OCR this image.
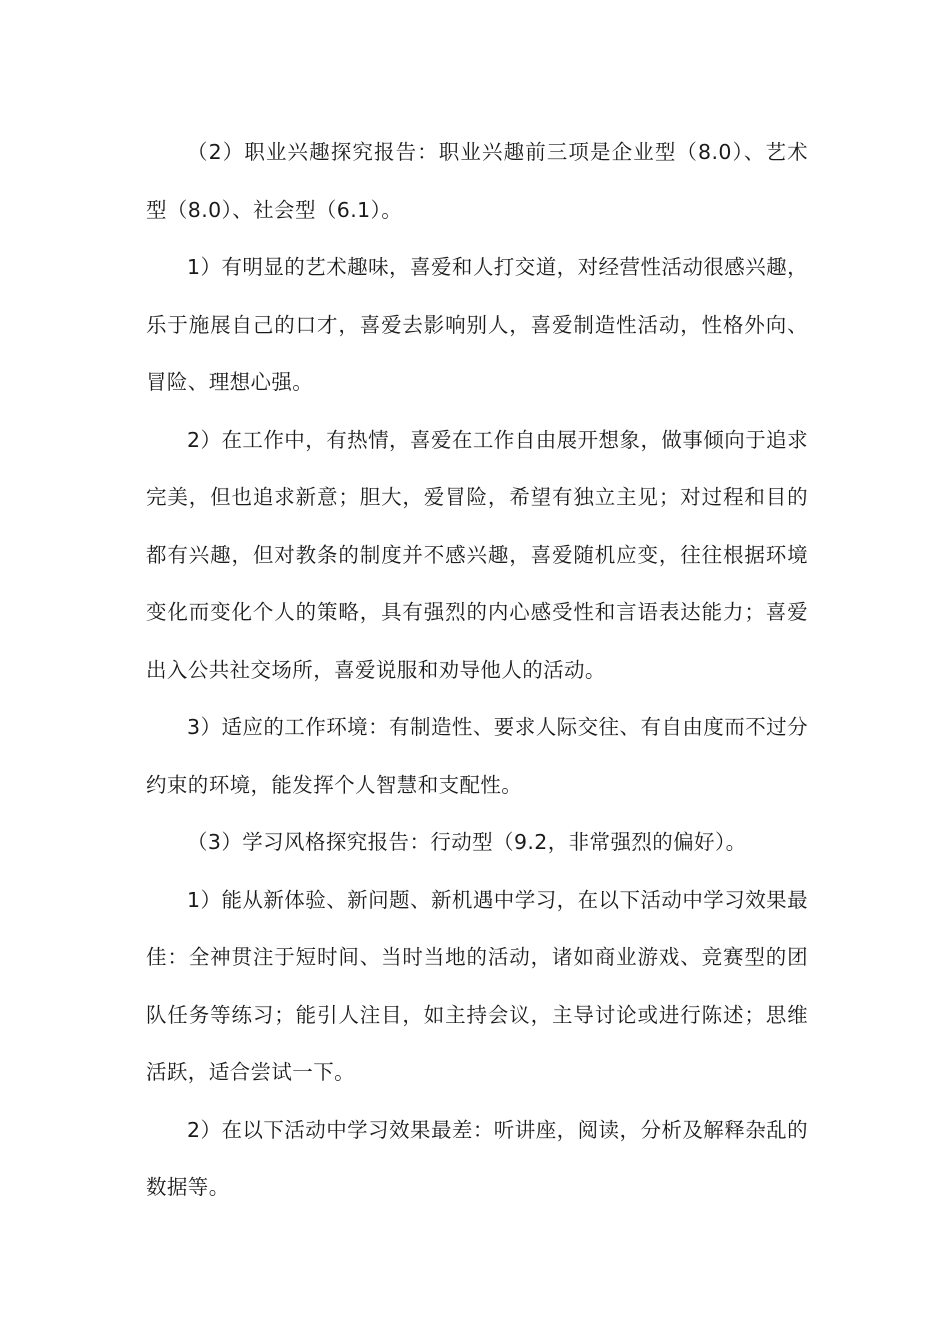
（2）职业兴趣探究报告：职业兴趣前三项是企业型（8.0）、艺术型（8.0）、社会型（6.1）。

1）有明显的艺术趣味，喜爱和人打交道，对经营性活动很感兴趣，乐于施展自己的口才，喜爱去影响别人，喜爱制造性活动，性格外向、冒险、理想心强。

2）在工作中，有热情，喜爱在工作自由展开想象，做事倾向于追求完美，但也追求新意；胆大，爱冒险，希望有独立主见；对过程和目的都有兴趣，但对教条的制度并不感兴趣，喜爱随机应变，往往根据环境变化而变化个人的策略，具有强烈的内心感受性和言语表达能力；喜爱出入公共社交场所，喜爱说服和劝导他人的活动。

3）适应的工作环境：有制造性、要求人际交往、有自由度而不过分约束的环境，能发挥个人智慧和支配性。

（3）学习风格探究报告：行动型（9.2，非常强烈的偏好）。

1）能从新体验、新问题、新机遇中学习，在以下活动中学习效果最佳：全神贯注于短时间、当时当地的活动，诸如商业游戏、竞赛型的团队任务等练习；能引人注目，如主持会议，主导讨论或进行陈述；思维活跃，适合尝试一下。

2）在以下活动中学习效果最差：听讲座，阅读，分析及解释杂乱的数据等。
